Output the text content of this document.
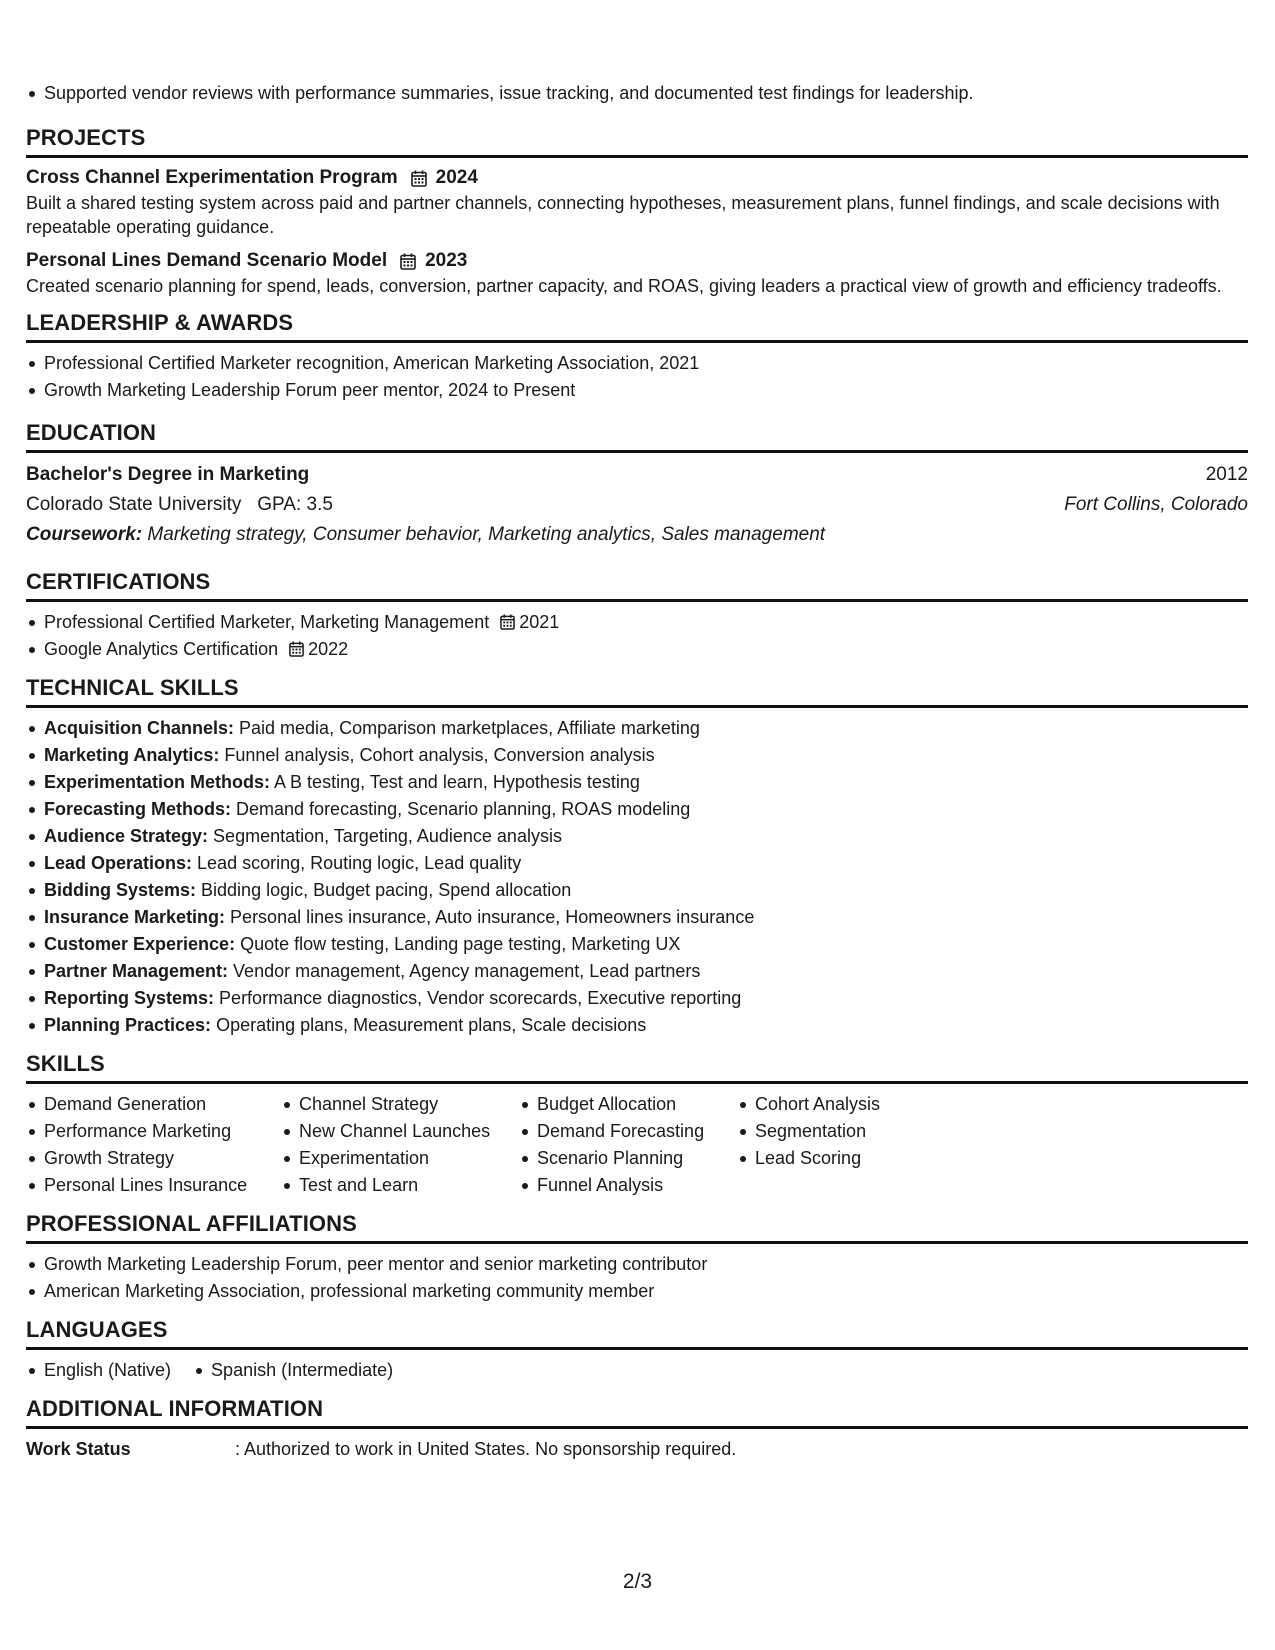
Supported vendor reviews with performance summaries, issue tracking, and documented test findings for leadership.
PROJECTS
Cross Channel Experimentation Program 2024
Built a shared testing system across paid and partner channels, connecting hypotheses, measurement plans, funnel findings, and scale decisions with repeatable operating guidance.
Personal Lines Demand Scenario Model 2023
Created scenario planning for spend, leads, conversion, partner capacity, and ROAS, giving leaders a practical view of growth and efficiency tradeoffs.
LEADERSHIP & AWARDS
Professional Certified Marketer recognition, American Marketing Association, 2021
Growth Marketing Leadership Forum peer mentor, 2024 to Present
EDUCATION
Bachelor's Degree in Marketing	2012
Colorado State University   GPA: 3.5	Fort Collins, Colorado
Coursework: Marketing strategy, Consumer behavior, Marketing analytics, Sales management
CERTIFICATIONS
Professional Certified Marketer, Marketing Management 2021
Google Analytics Certification 2022
TECHNICAL SKILLS
Acquisition Channels: Paid media, Comparison marketplaces, Affiliate marketing
Marketing Analytics: Funnel analysis, Cohort analysis, Conversion analysis
Experimentation Methods: A B testing, Test and learn, Hypothesis testing
Forecasting Methods: Demand forecasting, Scenario planning, ROAS modeling
Audience Strategy: Segmentation, Targeting, Audience analysis
Lead Operations: Lead scoring, Routing logic, Lead quality
Bidding Systems: Bidding logic, Budget pacing, Spend allocation
Insurance Marketing: Personal lines insurance, Auto insurance, Homeowners insurance
Customer Experience: Quote flow testing, Landing page testing, Marketing UX
Partner Management: Vendor management, Agency management, Lead partners
Reporting Systems: Performance diagnostics, Vendor scorecards, Executive reporting
Planning Practices: Operating plans, Measurement plans, Scale decisions
SKILLS
Demand Generation
Performance Marketing
Growth Strategy
Personal Lines Insurance
Channel Strategy
New Channel Launches
Experimentation
Test and Learn
Budget Allocation
Demand Forecasting
Scenario Planning
Funnel Analysis
Cohort Analysis
Segmentation
Lead Scoring
PROFESSIONAL AFFILIATIONS
Growth Marketing Leadership Forum, peer mentor and senior marketing contributor
American Marketing Association, professional marketing community member
LANGUAGES
English (Native)	Spanish (Intermediate)
ADDITIONAL INFORMATION
Work Status	: Authorized to work in United States. No sponsorship required.
2/3
